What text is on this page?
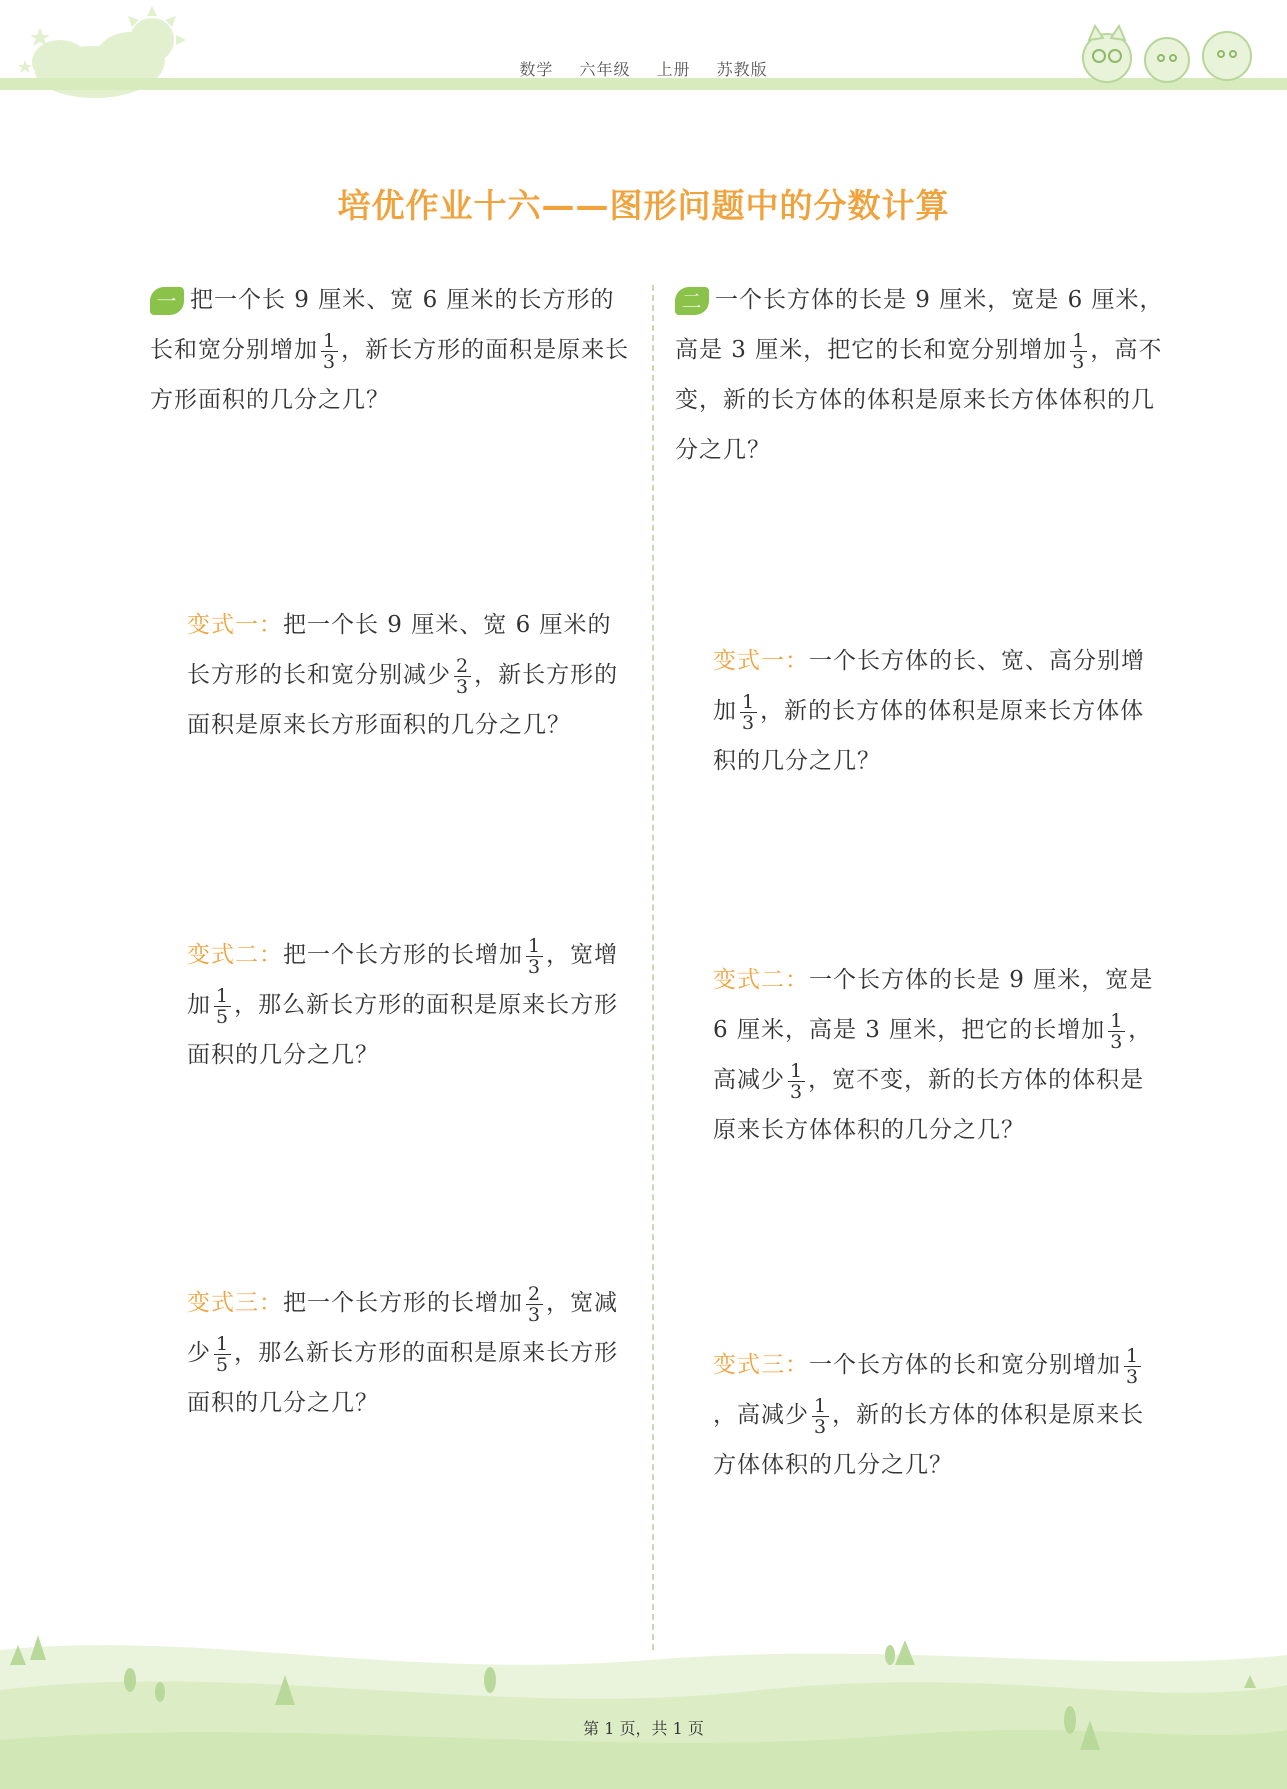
数学 六年级 上册 苏教版
培优作业十六——图形问题中的分数计算
一 把一个长 9 厘米、宽 6 厘米的长方形的长和宽分别增加 $\frac{1}{3}$ ，新长方形的面积是原来长方形面积的几分之几？
变式一：把一个长 9 厘米、宽 6 厘米的长方形的长和宽分别减少 $\frac{2}{3}$ ，新长方形的面积是原来长方形面积的几分之几？
变式二：把一个长方形的长增加 $\frac{1}{3}$ ，宽增加 $\frac{1}{5}$ ，那么新长方形的面积是原来长方形面积的几分之几？
变式三：把一个长方形的长增加 $\frac{2}{3}$ ，宽减少 $\frac{1}{5}$ ，那么新长方形的面积是原来长方形面积的几分之几？
二 一个长方体的长是 9 厘米，宽是 6 厘米，高是 3 厘米，把它的长和宽分别增加 $\frac{1}{3}$ ，高不变，新的长方体的体积是原来长方体体积的几分之几？
变式一：一个长方体的长、宽、高分别增加 $\frac{1}{3}$ ，新的长方体的体积是原来长方体体积的几分之几？
变式二：一个长方体的长是 9 厘米，宽是 6 厘米，高是 3 厘米，把它的长增加 $\frac{1}{3}$ ，高减少 $\frac{1}{3}$ ，宽不变，新的长方体的体积是原来长方体体积的几分之几？
变式三：一个长方体的长和宽分别增加 $\frac{1}{3}$
，高减少 $\frac{1}{3}$ ，新的长方体的体积是原来长方体体积的几分之几？
第 1 页，共 1 页
